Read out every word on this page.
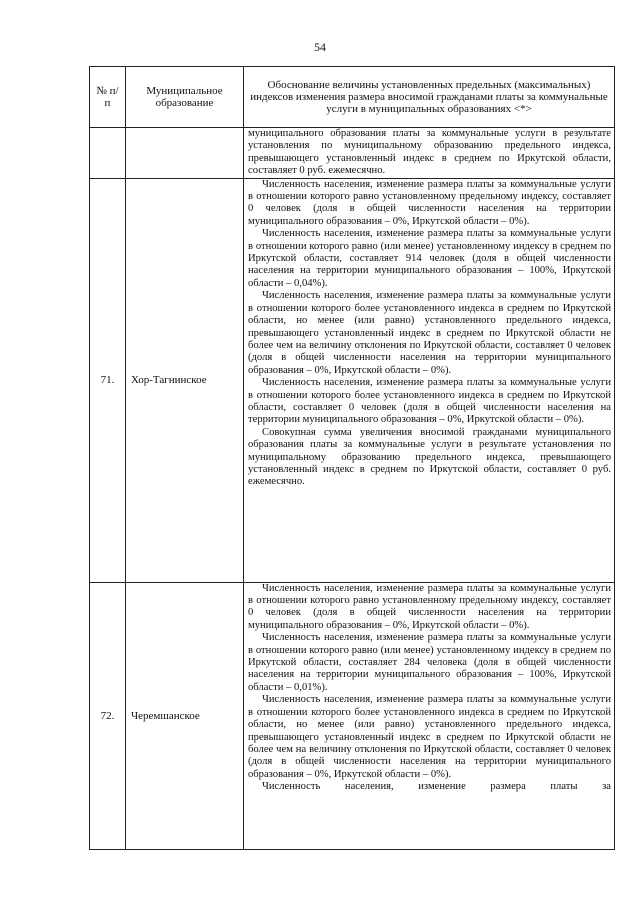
54
№ п/п	Муниципальное образование	Обоснование величины установленных предельных (максимальных) индексов изменения размера вносимой гражданами платы за коммунальные услуги в муниципальных образованиях <*>

		муниципального образования платы за коммунальные услуги в результате установления по муниципальному образованию предельного индекса, превышающего установленный индекс в среднем по Иркутской области, составляет 0 руб. ежемесячно.

71.	Хор-Тагнинское	Численность населения, изменение размера платы за коммунальные услуги в отношении которого равно установленному предельному индексу, составляет 0 человек (доля в общей численности населения на территории муниципального образования – 0%, Иркутской области – 0%).

Численность населения, изменение размера платы за коммунальные услуги в отношении которого равно (или менее) установленному индексу в среднем по Иркутской области, составляет 914 человек (доля в общей численности населения на территории муниципального образования – 100%, Иркутской области – 0,04%).

Численность населения, изменение размера платы за коммунальные услуги в отношении которого более установленного индекса в среднем по Иркутской области, но менее (или равно) установленного предельного индекса, превышающего установленный индекс в среднем по Иркутской области не более чем на величину отклонения по Иркутской области, составляет 0 человек (доля в общей численности населения на территории муниципального образования – 0%, Иркутской области – 0%).

Численность населения, изменение размера платы за коммунальные услуги в отношении которого более установленного индекса в среднем по Иркутской области, составляет 0 человек (доля в общей численности населения на территории муниципального образования – 0%, Иркутской области – 0%).

Совокупная сумма увеличения вносимой гражданами муниципального образования платы за коммунальные услуги в результате установления по муниципальному образованию предельного индекса, превышающего установленный индекс в среднем по Иркутской области, составляет 0 руб. ежемесячно.

72.	Черемшанское	Численность населения, изменение размера платы за коммунальные услуги в отношении которого равно установленному предельному индексу, составляет 0 человек (доля в общей численности населения на территории муниципального образования – 0%, Иркутской области – 0%).

Численность населения, изменение размера платы за коммунальные услуги в отношении которого равно (или менее) установленному индексу в среднем по Иркутской области, составляет 284 человека (доля в общей численности населения на территории муниципального образования – 100%, Иркутской области – 0,01%).

Численность населения, изменение размера платы за коммунальные услуги в отношении которого более установленного индекса в среднем по Иркутской области, но менее (или равно) установленного предельного индекса, превышающего установленный индекс в среднем по Иркутской области не более чем на величину отклонения по Иркутской области, составляет 0 человек (доля в общей численности населения на территории муниципального образования – 0%, Иркутской области – 0%).

Численность населения, изменение размера платы за
